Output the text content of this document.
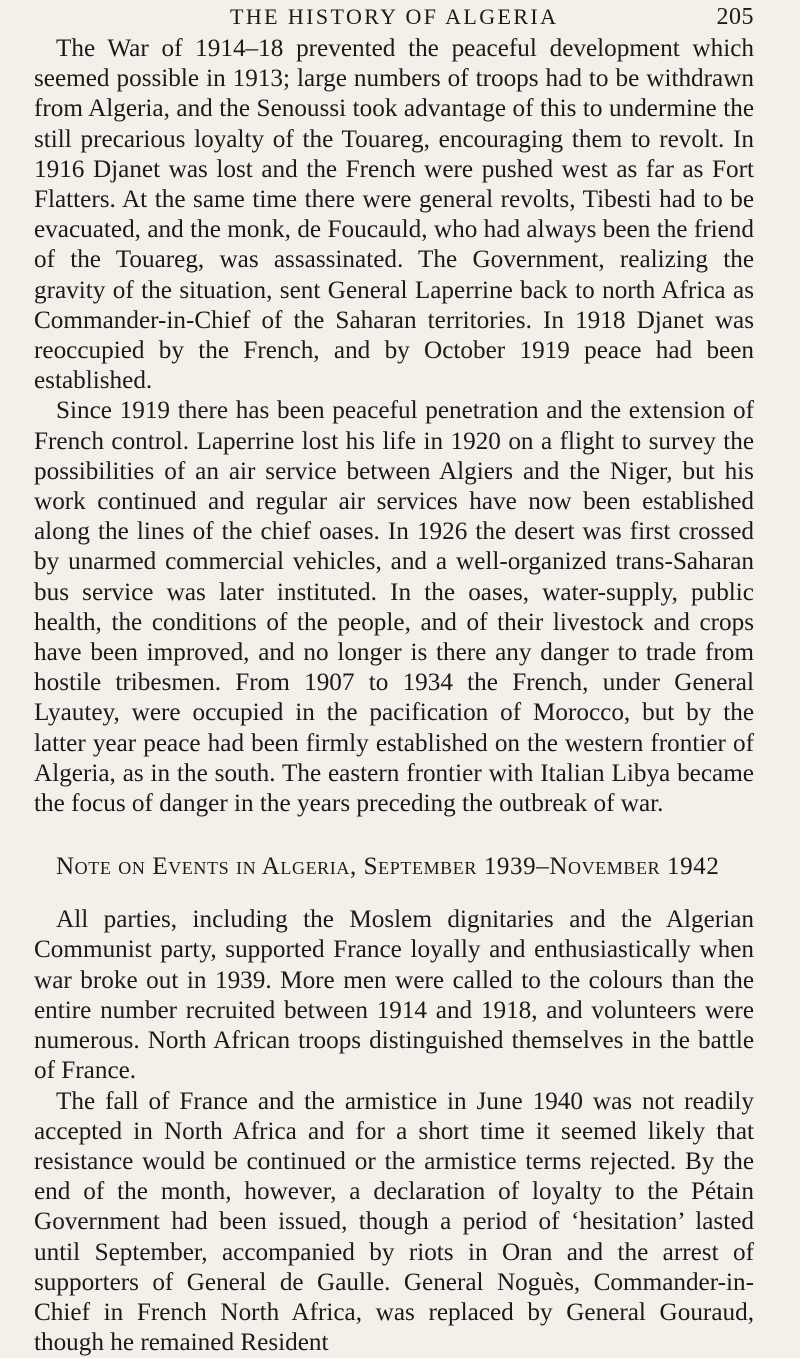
THE HISTORY OF ALGERIA	205

The War of 1914–18 prevented the peaceful development which seemed possible in 1913; large numbers of troops had to be withdrawn from Algeria, and the Senoussi took advantage of this to undermine the still precarious loyalty of the Touareg, encouraging them to revolt. In 1916 Djanet was lost and the French were pushed west as far as Fort Flatters. At the same time there were general revolts, Tibesti had to be evacuated, and the monk, de Foucauld, who had always been the friend of the Touareg, was assassinated. The Government, realizing the gravity of the situation, sent General Laperrine back to north Africa as Commander-in-Chief of the Saharan territories. In 1918 Djanet was reoccupied by the French, and by October 1919 peace had been established.

Since 1919 there has been peaceful penetration and the extension of French control. Laperrine lost his life in 1920 on a flight to survey the possibilities of an air service between Algiers and the Niger, but his work continued and regular air services have now been established along the lines of the chief oases. In 1926 the desert was first crossed by unarmed commercial vehicles, and a well-organized trans-Saharan bus service was later instituted. In the oases, water-supply, public health, the conditions of the people, and of their livestock and crops have been improved, and no longer is there any danger to trade from hostile tribesmen. From 1907 to 1934 the French, under General Lyautey, were occupied in the pacification of Morocco, but by the latter year peace had been firmly established on the western frontier of Algeria, as in the south. The eastern frontier with Italian Libya became the focus of danger in the years preceding the outbreak of war.

Note on Events in Algeria, September 1939–November 1942

All parties, including the Moslem dignitaries and the Algerian Communist party, supported France loyally and enthusiastically when war broke out in 1939. More men were called to the colours than the entire number recruited between 1914 and 1918, and volunteers were numerous. North African troops distinguished themselves in the battle of France.

The fall of France and the armistice in June 1940 was not readily accepted in North Africa and for a short time it seemed likely that resistance would be continued or the armistice terms rejected. By the end of the month, however, a declaration of loyalty to the Pétain Government had been issued, though a period of ‘hesitation’ lasted until September, accompanied by riots in Oran and the arrest of supporters of General de Gaulle. General Noguès, Commander-in-Chief in French North Africa, was replaced by General Gouraud, though he remained Resident
